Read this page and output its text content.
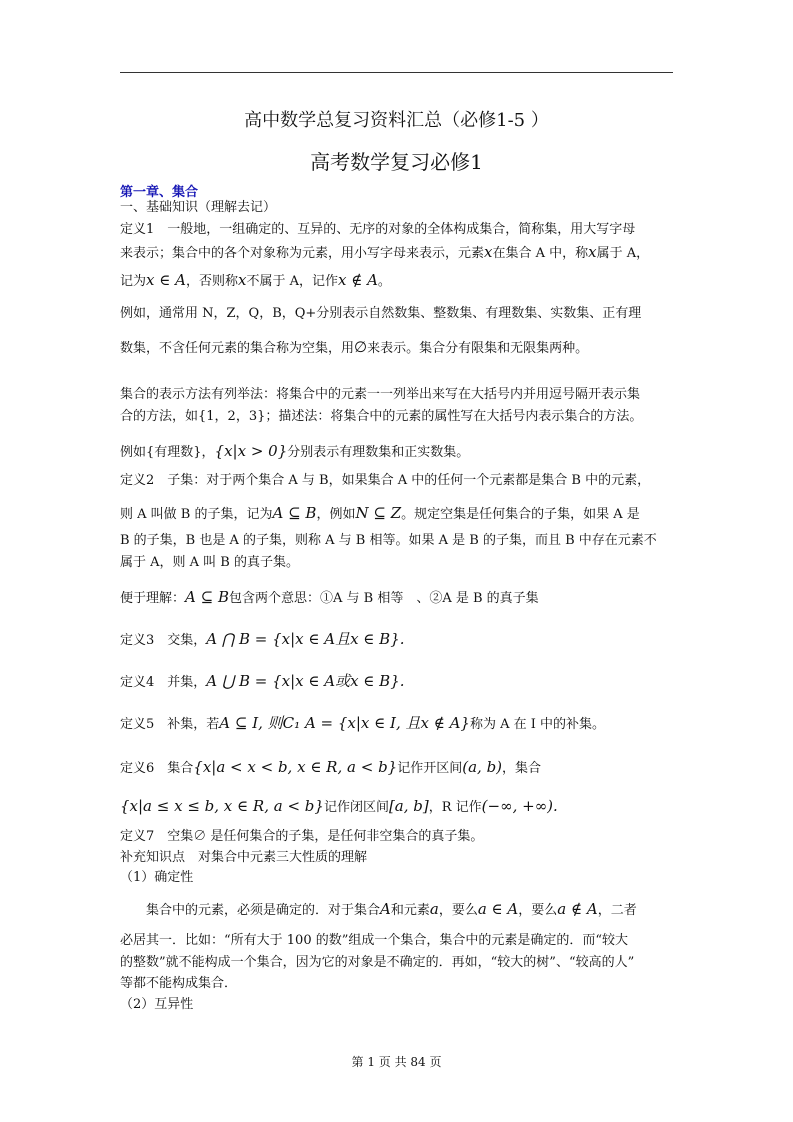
高中数学总复习资料汇总（必修1-5 ）
高考数学复习必修1
第一章、集合
一、基础知识（理解去记）
定义1　一般地，一组确定的、互异的、无序的对象的全体构成集合，简称集，用大写字母
来表示；集合中的各个对象称为元素，用小写字母来表示，元素x在集合 A 中，称x属于 A，
记为x ∈ A，否则称x不属于 A，记作x ∉ A。
例如，通常用 N，Z，Q，B，Q+分别表示自然数集、整数集、有理数集、实数集、正有理
数集，不含任何元素的集合称为空集，用∅来表示。集合分有限集和无限集两种。
集合的表示方法有列举法：将集合中的元素一一列举出来写在大括号内并用逗号隔开表示集
合的方法，如{1，2，3}；描述法：将集合中的元素的属性写在大括号内表示集合的方法。
例如{有理数}，{x|x > 0}分别表示有理数集和正实数集。
定义2　子集：对于两个集合 A 与 B，如果集合 A 中的任何一个元素都是集合 B 中的元素，
则 A 叫做 B 的子集，记为A ⊆ B，例如N ⊆ Z。规定空集是任何集合的子集，如果 A 是
B 的子集，B 也是 A 的子集，则称 A 与 B 相等。如果 A 是 B 的子集，而且 B 中存在元素不
属于 A，则 A 叫 B 的真子集。
便于理解：A ⊆ B包含两个意思：①A 与 B 相等　、②A 是 B 的真子集
定义3　交集，A ⋂ B = {x|x ∈ A且x ∈ B}.
定义4　并集，A ⋃ B = {x|x ∈ A或x ∈ B}.
定义5　补集，若A ⊆ I, 则C₁ A = {x|x ∈ I, 且x ∉ A}称为 A 在 I 中的补集。
定义6　集合{x|a < x < b, x ∈ R, a < b}记作开区间(a, b)，集合
{x|a ≤ x ≤ b, x ∈ R, a < b}记作闭区间[a, b]，R 记作(−∞, +∞).
定义7　空集∅ 是任何集合的子集，是任何非空集合的真子集。
补充知识点　对集合中元素三大性质的理解
（1）确定性
集合中的元素，必须是确定的．对于集合A和元素a，要么a ∈ A，要么a ∉ A，二者
必居其一．比如：“所有大于 100 的数”组成一个集合，集合中的元素是确定的．而“较大
的整数”就不能构成一个集合，因为它的对象是不确定的．再如，“较大的树”、“较高的人”
等都不能构成集合．
（2）互异性
第 1 页 共 84 页
